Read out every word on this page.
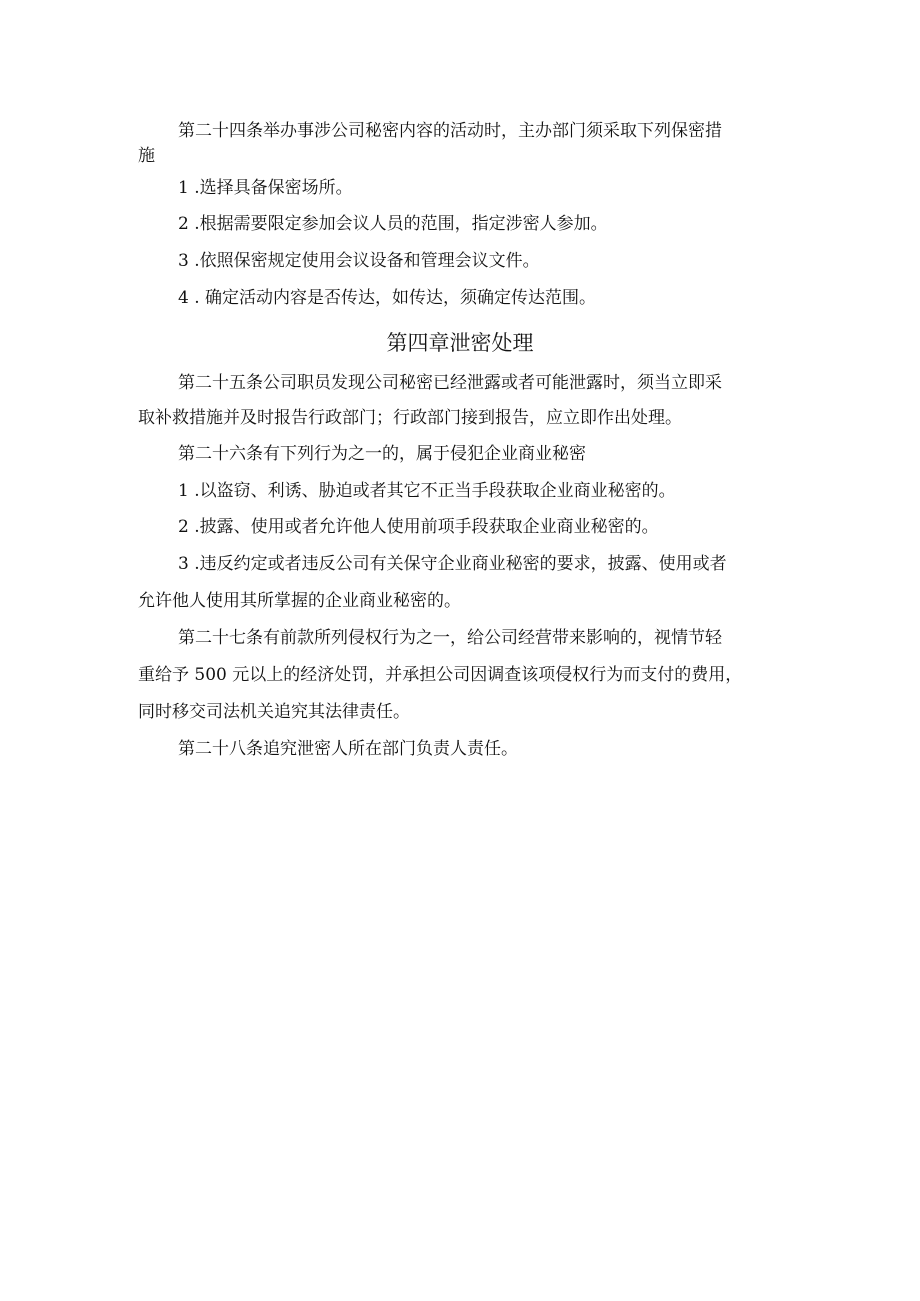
第二十四条举办事涉公司秘密内容的活动时，主办部门须采取下列保密措
施
1 .选择具备保密场所。
2 .根据需要限定参加会议人员的范围，指定涉密人参加。
3 .依照保密规定使用会议设备和管理会议文件。
4 . 确定活动内容是否传达，如传达，须确定传达范围。
第四章泄密处理
第二十五条公司职员发现公司秘密已经泄露或者可能泄露时，须当立即采
取补救措施并及时报告行政部门；行政部门接到报告，应立即作出处理。
第二十六条有下列行为之一的，属于侵犯企业商业秘密
1 .以盗窃、利诱、胁迫或者其它不正当手段获取企业商业秘密的。
2 .披露、使用或者允许他人使用前项手段获取企业商业秘密的。
3 .违反约定或者违反公司有关保守企业商业秘密的要求，披露、使用或者
允许他人使用其所掌握的企业商业秘密的。
第二十七条有前款所列侵权行为之一，给公司经营带来影响的，视情节轻
重给予 500 元以上的经济处罚，并承担公司因调查该项侵权行为而支付的费用，
同时移交司法机关追究其法律责任。
第二十八条追究泄密人所在部门负责人责任。
